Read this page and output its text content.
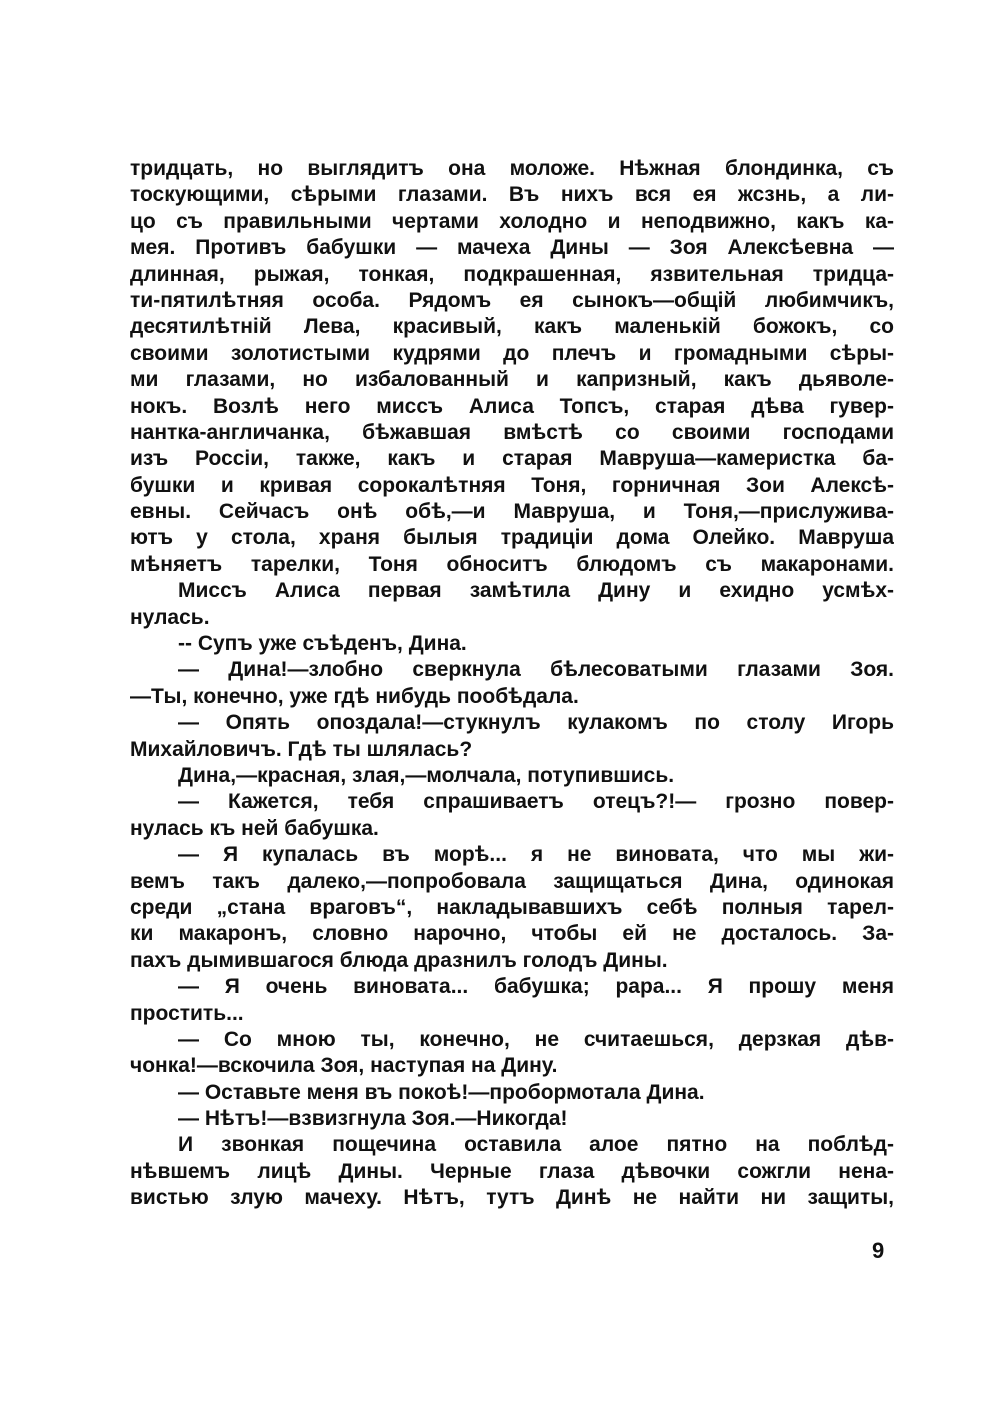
тридцать, но выглядитъ она моложе. Нѣжная блондинка, съ
тоскующими, сѣрыми глазами. Въ нихъ вся ея жсзнь, а ли-
цо съ правильными чертами холодно и неподвижно, какъ ка-
мея. Противъ бабушки — мачеха Дины — Зоя Алексѣевна —
длинная, рыжая, тонкая, подкрашенная, язвительная тридца-
ти-пятилѣтняя особа. Рядомъ ея сынокъ—общій любимчикъ,
десятилѣтній Лева, красивый, какъ маленькій божокъ, со
своими золотистыми кудрями до плечъ и громадными сѣры-
ми глазами, но избалованный и капризный, какъ дьяволе-
нокъ. Возлѣ него миссъ Алиса Топсъ, старая дѣва гувер-
нантка-англичанка, бѣжавшая вмѣстѣ со своими господами
изъ Россіи, также, какъ и старая Мавруша—камеристка ба-
бушки и кривая сорокалѣтняя Тоня, горничная Зои Алексѣ-
евны. Сейчасъ онѣ обѣ,—и Мавруша, и Тоня,—прислужива-
ютъ у стола, храня былыя традиціи дома Олейко. Мавруша
мѣняетъ тарелки, Тоня обноситъ блюдомъ съ макаронами.
Миссъ Алиса первая замѣтила Дину и ехидно усмѣх-
нулась.
-- Супъ уже съѣденъ, Дина.
— Дина!—злобно сверкнула бѣлесоватыми глазами Зоя.
—Ты, конечно, уже гдѣ нибудь пообѣдала.
— Опять опоздала!—стукнулъ кулакомъ по столу Игорь
Михайловичъ. Гдѣ ты шлялась?
Дина,—красная, злая,—молчала, потупившись.
— Кажется, тебя спрашиваетъ отецъ?!— грозно повер-
нулась къ ней бабушка.
— Я купалась въ морѣ... я не виновата, что мы жи-
вемъ такъ далеко,—попробовала защищаться Дина, одинокая
среди „стана враговъ“, накладывавшихъ себѣ полныя тарел-
ки макаронъ, словно нарочно, чтобы ей не досталось. За-
пахъ дымившагося блюда дразнилъ голодъ Дины.
— Я очень виновата... бабушка; рара... Я прошу меня
простить...
— Со мною ты, конечно, не считаешься, дерзкая дѣв-
чонка!—вскочила Зоя, наступая на Дину.
— Оставьте меня въ покоѣ!—пробормотала Дина.
— Нѣтъ!—взвизгнула Зоя.—Никогда!
И звонкая пощечина оставила алое пятно на поблѣд-
нѣвшемъ лицѣ Дины. Черные глаза дѣвочки сожгли нена-
вистью злую мачеху. Нѣтъ, тутъ Динѣ не найти ни защиты,
9
